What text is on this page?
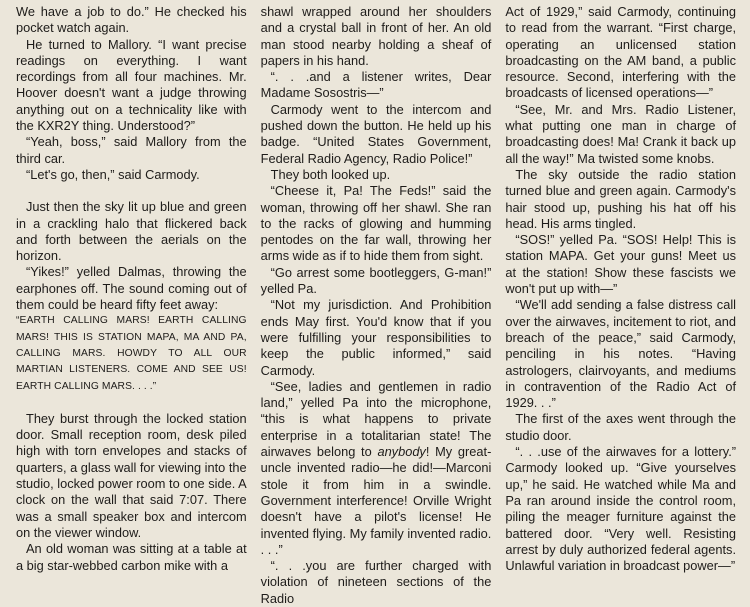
We have a job to do.” He checked his pocket watch again.

He turned to Mallory. “I want precise readings on everything. I want recordings from all four machines. Mr. Hoover doesn't want a judge throwing anything out on a technicality like with the KXR2Y thing. Understood?”

“Yeah, boss,” said Mallory from the third car.

“Let's go, then,” said Carmody.

Just then the sky lit up blue and green in a crackling halo that flickered back and forth between the aerials on the horizon.

“Yikes!” yelled Dalmas, throwing the earphones off. The sound coming out of them could be heard fifty feet away:

“EARTH CALLING MARS! EARTH CALLING MARS! THIS IS STATION MAPA, MA AND PA, CALLING MARS. HOWDY TO ALL OUR MARTIAN LISTENERS. COME AND SEE US! EARTH CALLING MARS. . . .”

They burst through the locked station door. Small reception room, desk piled high with torn envelopes and stacks of quarters, a glass wall for viewing into the studio, locked power room to one side. A clock on the wall that said 7:07. There was a small speaker box and intercom on the viewer window.

An old woman was sitting at a table at a big star-webbed carbon mike with a

shawl wrapped around her shoulders and a crystal ball in front of her. An old man stood nearby holding a sheaf of papers in his hand.

“. . .and a listener writes, Dear Madame Sosostris—”

Carmody went to the intercom and pushed down the button. He held up his badge. “United States Government, Federal Radio Agency, Radio Police!”

They both looked up.

“Cheese it, Pa! The Feds!” said the woman, throwing off her shawl. She ran to the racks of glowing and humming pentodes on the far wall, throwing her arms wide as if to hide them from sight.

“Go arrest some bootleggers, G-man!” yelled Pa.

“Not my jurisdiction. And Prohibition ends May first. You'd know that if you were fulfilling your responsibilities to keep the public informed,” said Carmody.

“See, ladies and gentlemen in radio land,” yelled Pa into the microphone, “this is what happens to private enterprise in a totalitarian state! The airwaves belong to anybody! My great-uncle invented radio—he did!—Marconi stole it from him in a swindle. Government interference! Orville Wright doesn't have a pilot's license! He invented flying. My family invented radio. . . .”

“. . .you are further charged with violation of nineteen sections of the Radio

Act of 1929,” said Carmody, continuing to read from the warrant. “First charge, operating an unlicensed station broadcasting on the AM band, a public resource. Second, interfering with the broadcasts of licensed operations—”

“See, Mr. and Mrs. Radio Listener, what putting one man in charge of broadcasting does! Ma! Crank it back up all the way!” Ma twisted some knobs.

The sky outside the radio station turned blue and green again. Carmody's hair stood up, pushing his hat off his head. His arms tingled.

“SOS!” yelled Pa. “SOS! Help! This is station MAPA. Get your guns! Meet us at the station! Show these fascists we won't put up with—”

“We'll add sending a false distress call over the airwaves, incitement to riot, and breach of the peace,” said Carmody, penciling in his notes. “Having astrologers, clairvoyants, and mediums in contravention of the Radio Act of 1929. . .”

The first of the axes went through the studio door.

“. . .use of the airwaves for a lottery.” Carmody looked up. “Give yourselves up,” he said. He watched while Ma and Pa ran around inside the control room, piling the meager furniture against the battered door. “Very well. Resisting arrest by duly authorized federal agents. Unlawful variation in broadcast power—”
